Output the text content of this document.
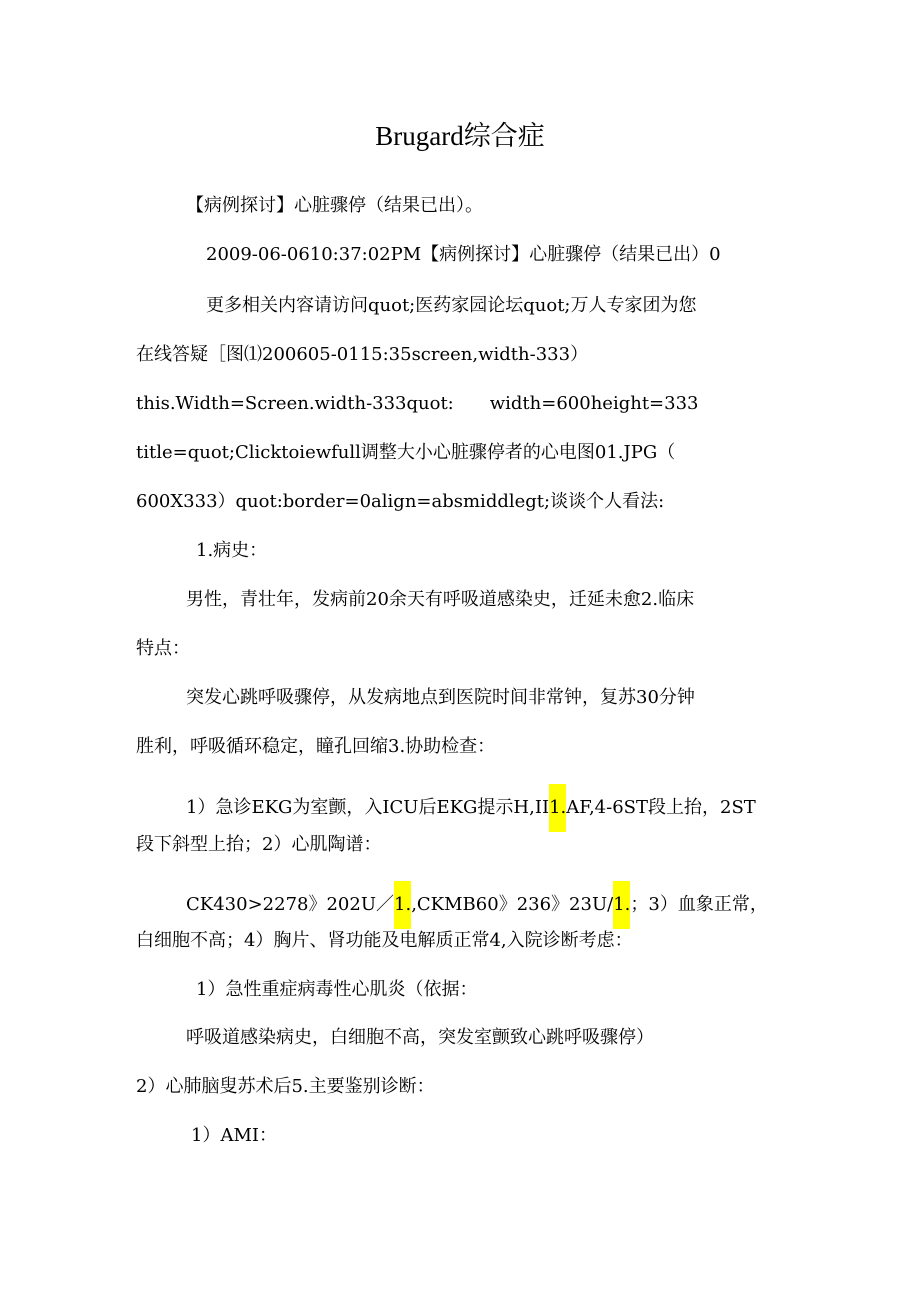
Brugard综合症
【病例探讨】心脏骤停（结果已出）。
2009-06-0610:37:02PM【病例探讨】心脏骤停（结果已出）0
更多相关内容请访问quot;医药家园论坛quot;万人专家团为您
在线答疑［图⑴200605-0115:35screen,width-333）
this.Width=Screen.width-333quot:　　width=600height=333
title=quot;Clicktoiewfull调整大小心脏骤停者的心电图01.JPG（
600X333）quot:border=0align=absmiddlegt;谈谈个人看法:
1.病史：
男性，青壮年，发病前20余天有呼吸道感染史，迁延未愈2.临床
特点：
突发心跳呼吸骤停，从发病地点到医院时间非常钟，复苏30分钟
胜利，呼吸循环稳定，瞳孔回缩3.协助检查：
1）急诊EKG为室颤，入ICU后EKG提示H,II1.AF,4-6ST段上抬，2ST
段下斜型上抬；2）心肌陶谱：
CK430>2278》202U／1.,CKMB60》236》23U/1.；3）血象正常，
白细胞不高；4）胸片、肾功能及电解质正常4,入院诊断考虑：
1）急性重症病毒性心肌炎（依据：
呼吸道感染病史，白细胞不高，突发室颤致心跳呼吸骤停）
2）心肺脑叟苏术后5.主要鉴别诊断：
1）AMI：
